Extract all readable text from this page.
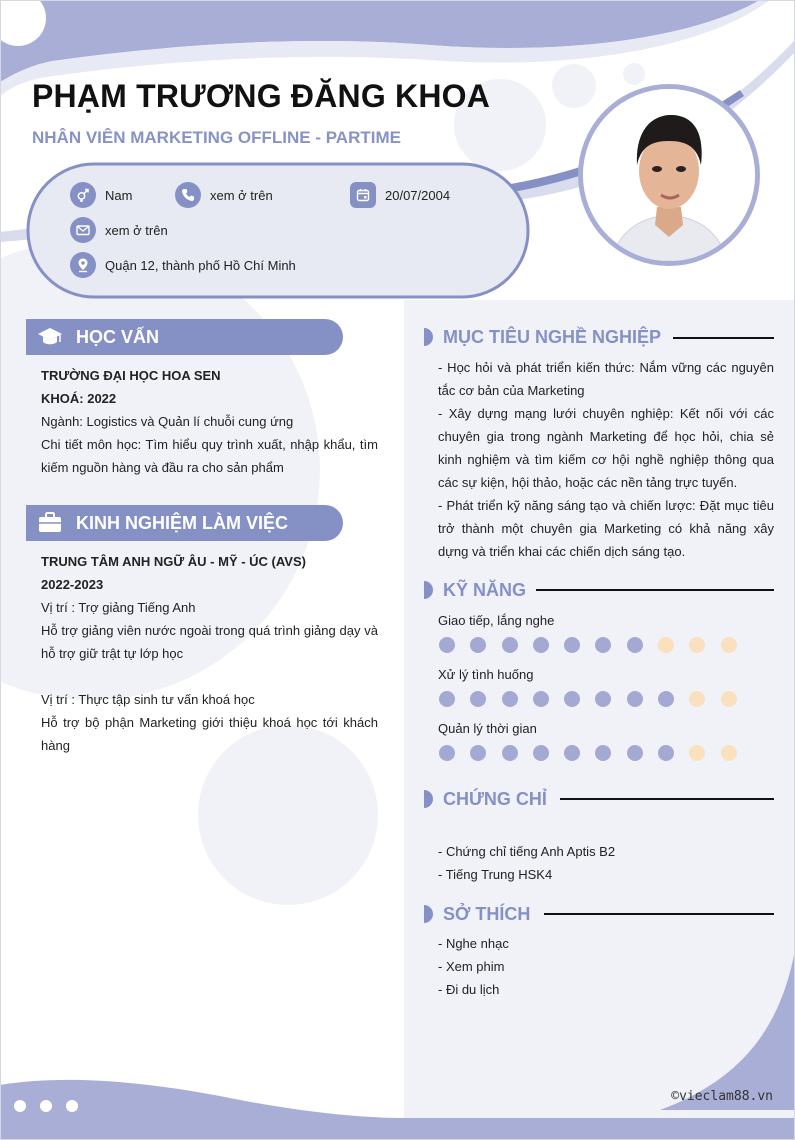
PHẠM TRƯƠNG ĐĂNG KHOA
NHÂN VIÊN MARKETING OFFLINE - PARTIME
Nam	xem ở trên	20/07/2004
xem ở trên
Quận 12, thành phố Hồ Chí Minh
HỌC VẤN

TRƯỜNG ĐẠI HỌC HOA SEN

KHOÁ: 2022

Ngành: Logistics và Quản lí chuỗi cung ứng

Chi tiết môn học: Tìm hiểu quy trình xuất, nhập khẩu, tìm kiếm nguồn hàng và đầu ra cho sản phẩm

KINH NGHIỆM LÀM VIỆC

TRUNG TÂM ANH NGỮ ÂU - MỸ - ÚC (AVS)

2022-2023

Vị trí : Trợ giảng Tiếng Anh

Hỗ trợ giảng viên nước ngoài trong quá trình giảng dạy và hỗ trợ giữ trật tự lớp học

Vị trí : Thực tập sinh tư vấn khoá học

Hỗ trợ bộ phận Marketing giới thiệu khoá học tới khách hàng

MỤC TIÊU NGHỀ NGHIỆP

- Học hỏi và phát triển kiến thức: Nắm vững các nguyên tắc cơ bản của Marketing

- Xây dựng mạng lưới chuyên nghiệp: Kết nối với các chuyên gia trong ngành Marketing để học hỏi, chia sẻ kinh nghiệm và tìm kiếm cơ hội nghề nghiệp thông qua các sự kiện, hội thảo, hoặc các nền tảng trực tuyến.

- Phát triển kỹ năng sáng tạo và chiến lược: Đặt mục tiêu trở thành một chuyên gia Marketing có khả năng xây dựng và triển khai các chiến dịch sáng tạo.

KỸ NĂNG
Giao tiếp, lắng nghe
Xử lý tình huống
Quản lý thời gian
CHỨNG CHỈ

- Chứng chỉ tiếng Anh Aptis B2

- Tiếng Trung HSK4

SỞ THÍCH

- Nghe nhạc

- Xem phim

- Đi du lịch

©vieclam88.vn
